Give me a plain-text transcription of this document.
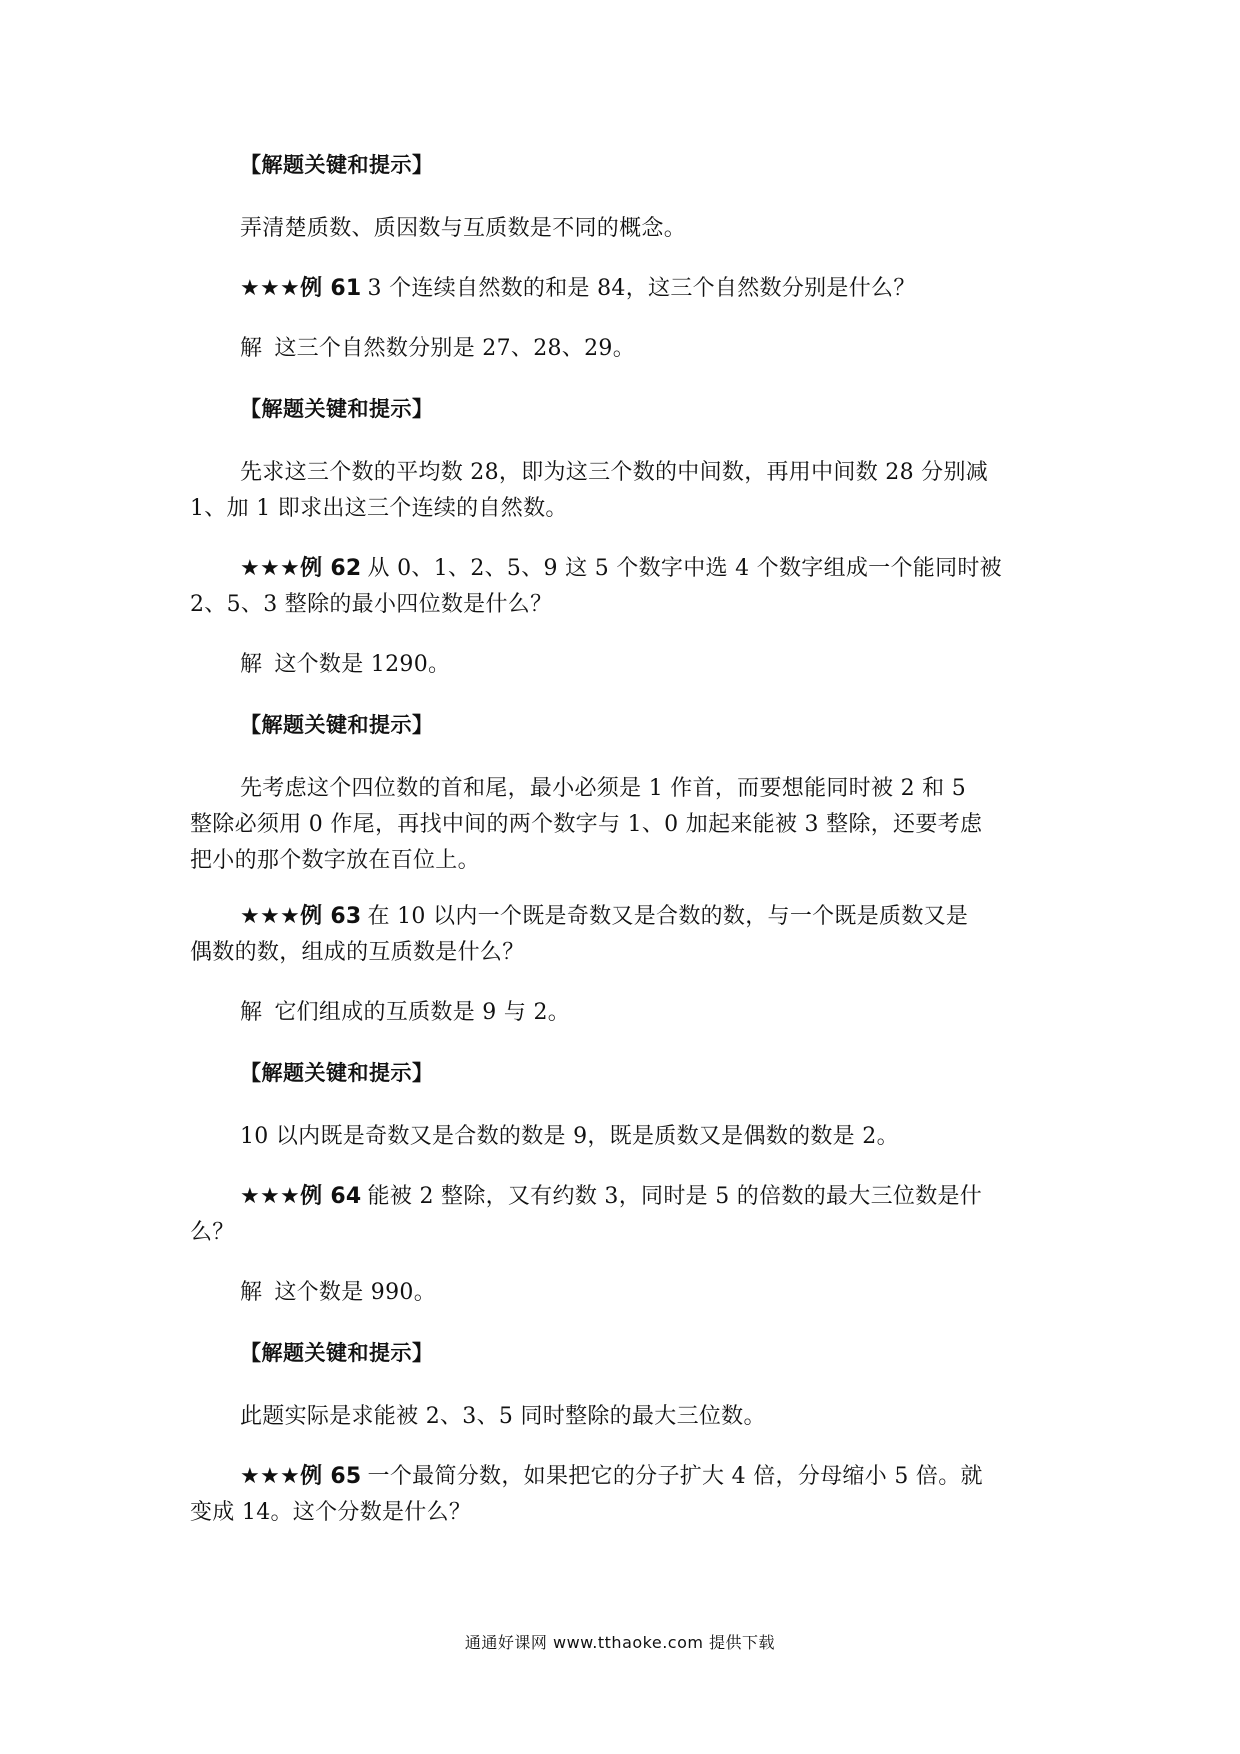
【解题关键和提示】
弄清楚质数、质因数与互质数是不同的概念。
★★★例 61 3 个连续自然数的和是 84，这三个自然数分别是什么？
解 这三个自然数分别是 27、28、29。
【解题关键和提示】
先求这三个数的平均数 28，即为这三个数的中间数，再用中间数 28 分别减
1、加 1 即求出这三个连续的自然数。
★★★例 62 从 0、1、2、5、9 这 5 个数字中选 4 个数字组成一个能同时被
2、5、3 整除的最小四位数是什么？
解 这个数是 1290。
【解题关键和提示】
先考虑这个四位数的首和尾，最小必须是 1 作首，而要想能同时被 2 和 5
整除必须用 0 作尾，再找中间的两个数字与 1、0 加起来能被 3 整除，还要考虑
把小的那个数字放在百位上。
★★★例 63 在 10 以内一个既是奇数又是合数的数，与一个既是质数又是
偶数的数，组成的互质数是什么？
解 它们组成的互质数是 9 与 2。
【解题关键和提示】
10 以内既是奇数又是合数的数是 9，既是质数又是偶数的数是 2。
★★★例 64 能被 2 整除，又有约数 3，同时是 5 的倍数的最大三位数是什
么？
解 这个数是 990。
【解题关键和提示】
此题实际是求能被 2、3、5 同时整除的最大三位数。
★★★例 65 一个最简分数，如果把它的分子扩大 4 倍，分母缩小 5 倍。就
变成 14。这个分数是什么？
通通好课网 www.tthaoke.com 提供下载
